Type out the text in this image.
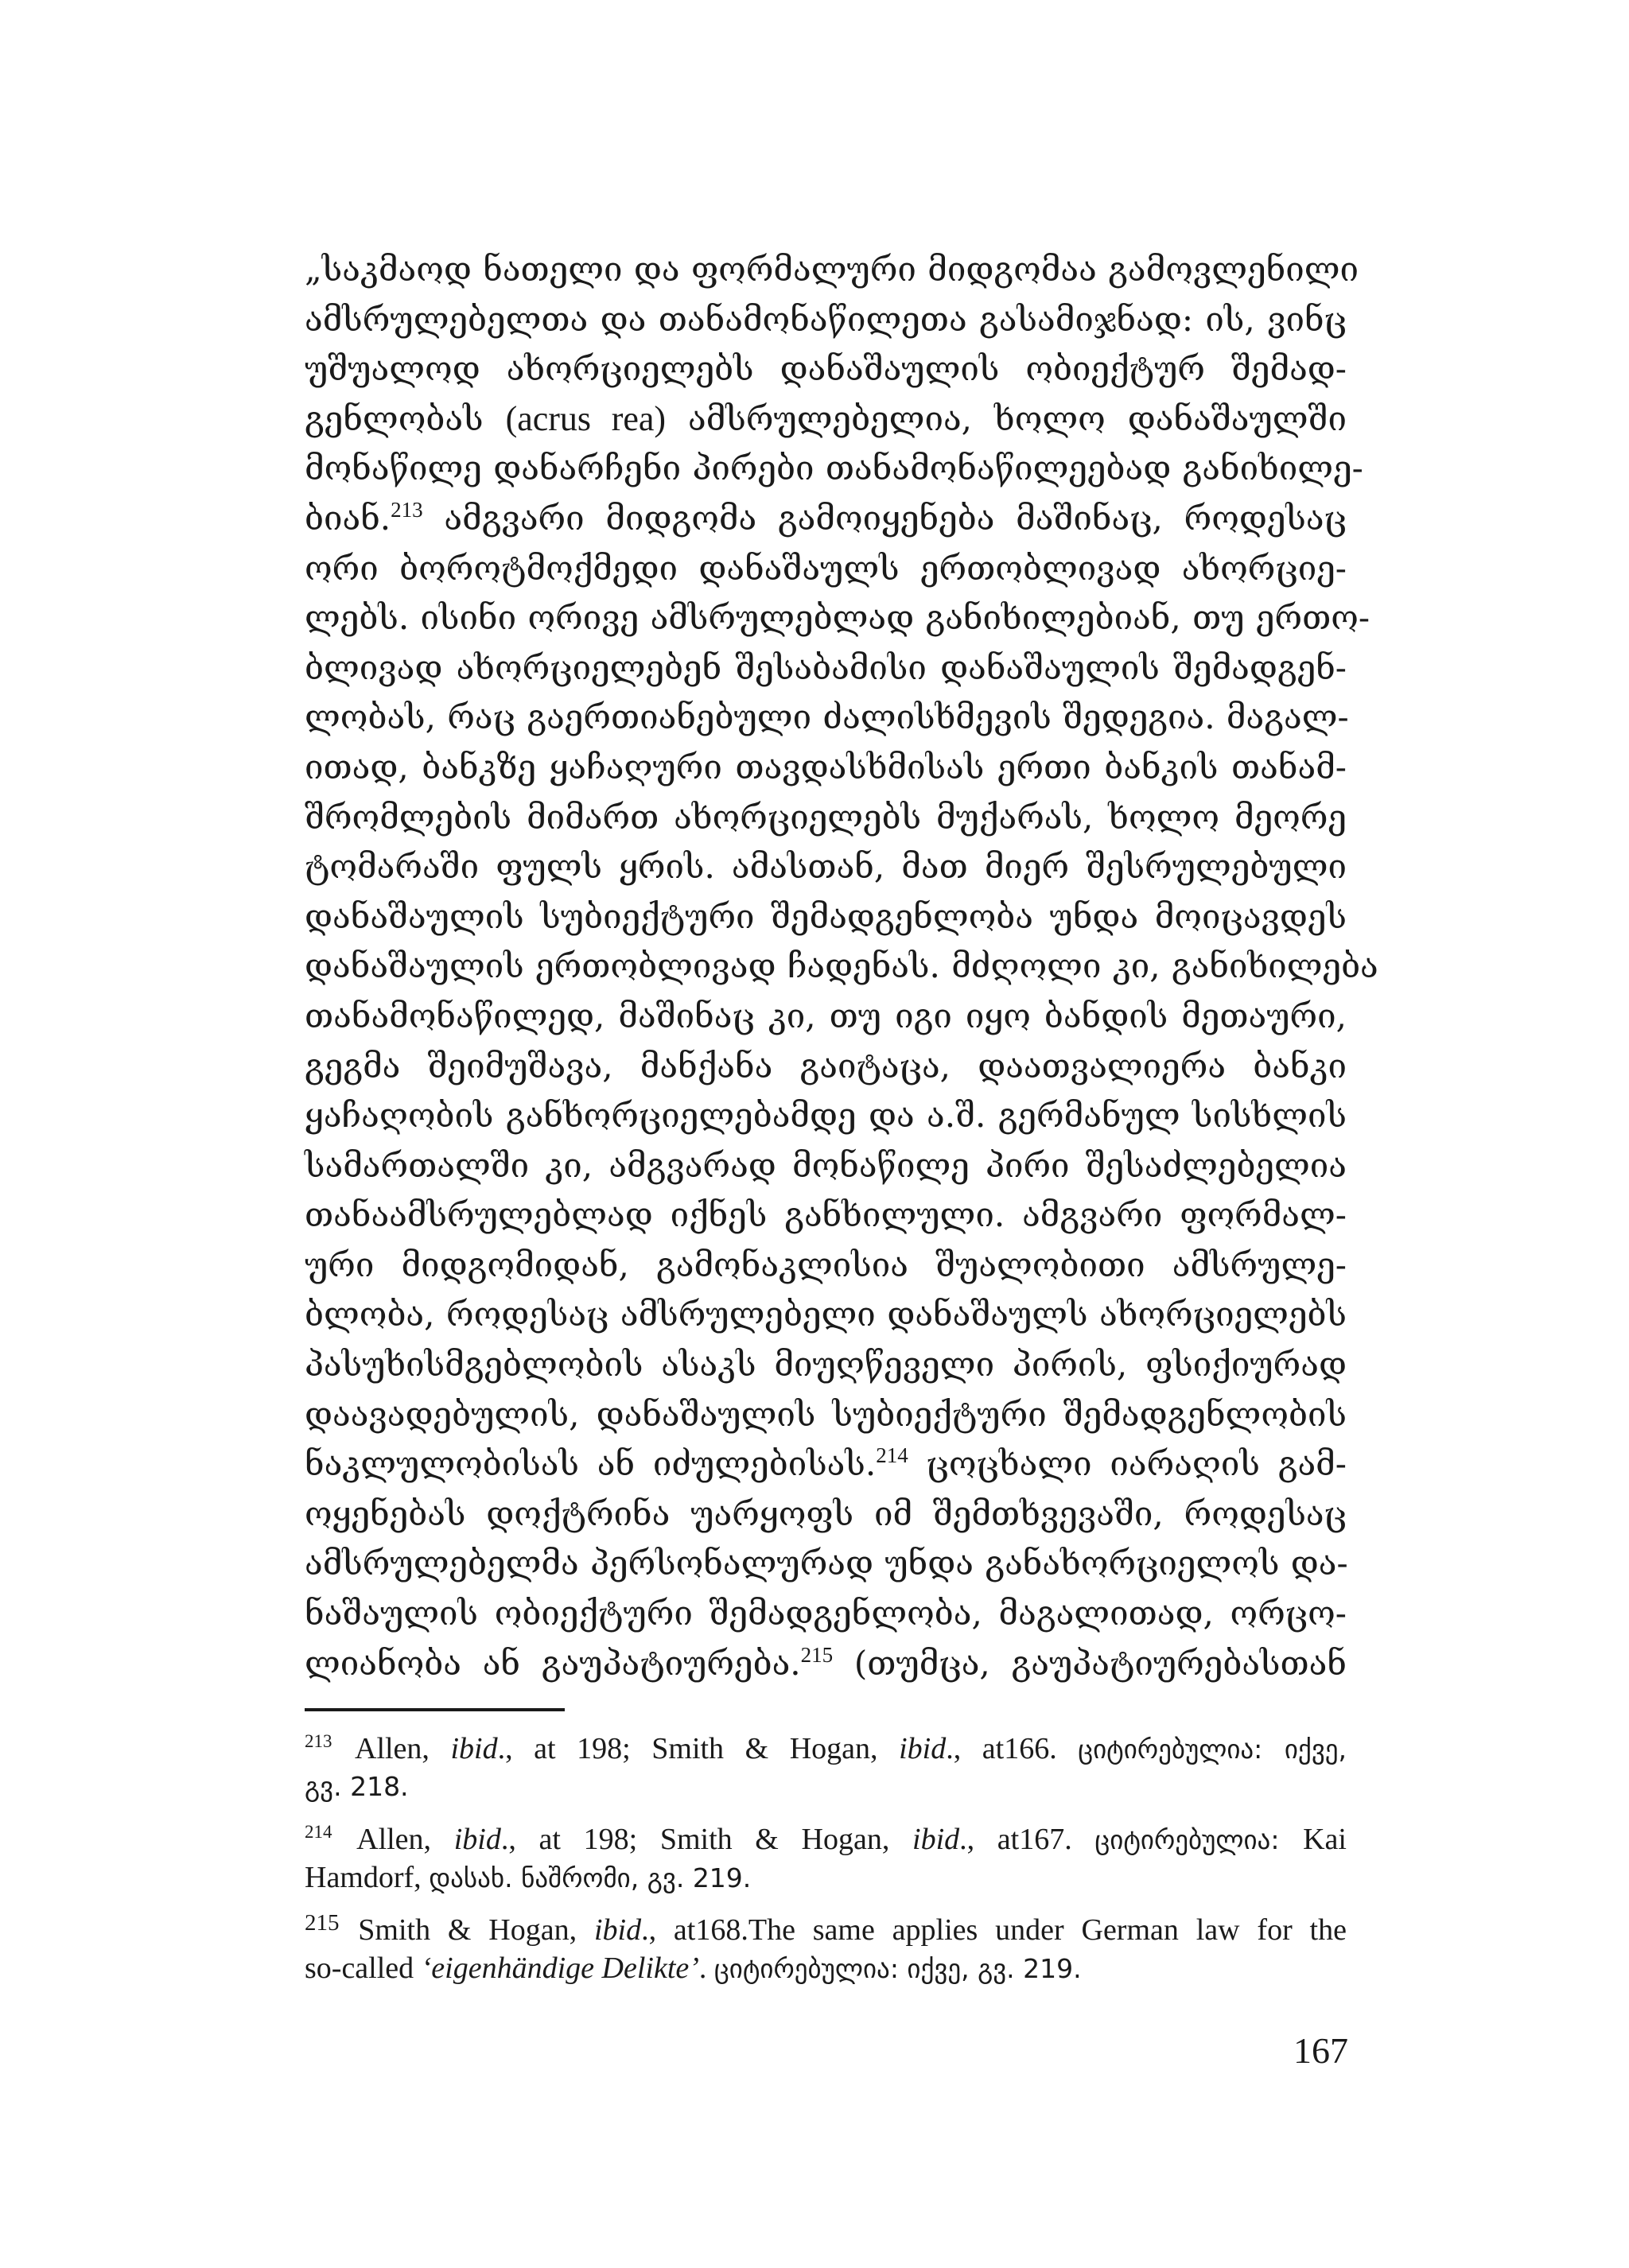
„საკმაოდ ნათელი და ფორმალური მიდგომაა გამოვლენილი
ამსრულებელთა და თანამონაწილეთა გასამიჯნად: ის, ვინც
უშუალოდ ახორციელებს დანაშაულის ობიექტურ შემად-
გენლობას (acrus rea) ამსრულებელია, ხოლო დანაშაულში
მონაწილე დანარჩენი პირები თანამონაწილეებად განიხილე-
ბიან.$^{213}$ ამგვარი მიდგომა გამოიყენება მაშინაც, როდესაც
ორი ბოროტმოქმედი დანაშაულს ერთობლივად ახორციე-
ლებს. ისინი ორივე ამსრულებლად განიხილებიან, თუ ერთო-
ბლივად ახორციელებენ შესაბამისი დანაშაულის შემადგენ-
ლობას, რაც გაერთიანებული ძალისხმევის შედეგია. მაგალ-
ითად, ბანკზე ყაჩაღური თავდასხმისას ერთი ბანკის თანამ-
შრომლების მიმართ ახორციელებს მუქარას, ხოლო მეორე
ტომარაში ფულს ყრის. ამასთან, მათ მიერ შესრულებული
დანაშაულის სუბიექტური შემადგენლობა უნდა მოიცავდეს
დანაშაულის ერთობლივად ჩადენას. მძღოლი კი, განიხილება
თანამონაწილედ, მაშინაც კი, თუ იგი იყო ბანდის მეთაური,
გეგმა შეიმუშავა, მანქანა გაიტაცა, დაათვალიერა ბანკი
ყაჩაღობის განხორციელებამდე და ა.შ. გერმანულ სისხლის
სამართალში კი, ამგვარად მონაწილე პირი შესაძლებელია
თანაამსრულებლად იქნეს განხილული. ამგვარი ფორმალ-
ური მიდგომიდან, გამონაკლისია შუალობითი ამსრულე-
ბლობა, როდესაც ამსრულებელი დანაშაულს ახორციელებს
პასუხისმგებლობის ასაკს მიუღწეველი პირის, ფსიქიურად
დაავადებულის, დანაშაულის სუბიექტური შემადგენლობის
ნაკლულობისას ან იძულებისას.$^{214}$ ცოცხალი იარაღის გამ-
ოყენებას დოქტრინა უარყოფს იმ შემთხვევაში, როდესაც
ამსრულებელმა პერსონალურად უნდა განახორციელოს და-
ნაშაულის ობიექტური შემადგენლობა, მაგალითად, ორცო-
ლიანობა ან გაუპატიურება.$^{215}$ (თუმცა, გაუპატიურებასთან
$^{213}$ Allen, ibid., at 198; Smith & Hogan, ibid., at166. ციტირებულია: იქვე,
გვ. 218.
$^{214}$ Allen, ibid., at 198; Smith & Hogan, ibid., at167. ციტირებულია: Kai
Hamdorf, დასახ. ნაშრომი, გვ. 219.
$^{215}$ Smith & Hogan, ibid., at168.The same applies under German law for the
so-called ‘eigenhändige Delikte’. ციტირებულია: იქვე, გვ. 219.
167
